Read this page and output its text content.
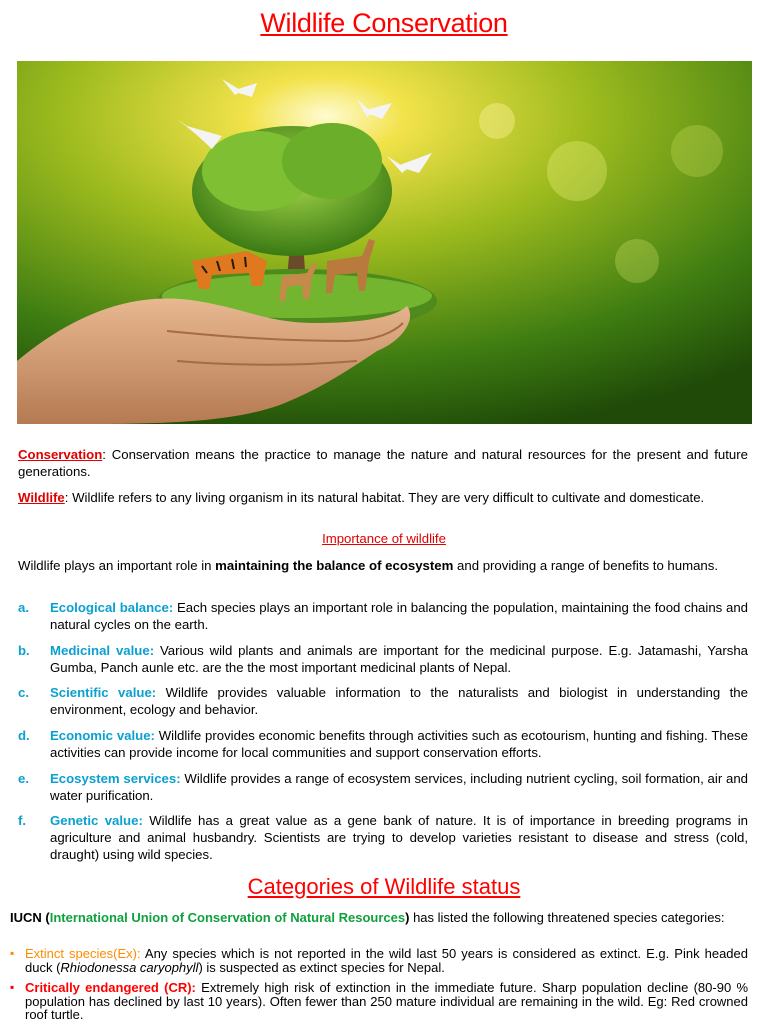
Wildlife Conservation
Conservation: Conservation means the practice to manage the nature and natural resources for the present and future generations.
Wildlife: Wildlife refers to any living organism in its natural habitat. They are very difficult to cultivate and domesticate.
Importance of wildlife
Wildlife plays an important role in maintaining the balance of ecosystem and providing a range of benefits to humans.
a. Ecological balance: Each species plays an important role in balancing the population, maintaining the food chains and natural cycles on the earth.
b. Medicinal value: Various wild plants and animals are important for the medicinal purpose. E.g. Jatamashi, Yarsha Gumba, Panch aunle etc. are the the most important medicinal plants of Nepal.
c. Scientific value: Wildlife provides valuable information to the naturalists and biologist in understanding the environment, ecology and behavior.
d. Economic value: Wildlife provides economic benefits through activities such as ecotourism, hunting and fishing. These activities can provide income for local communities and support conservation efforts.
e. Ecosystem services: Wildlife provides a range of ecosystem services, including nutrient cycling, soil formation, air and water purification.
f. Genetic value: Wildlife has a great value as a gene bank of nature. It is of importance in breeding programs in agriculture and animal husbandry. Scientists are trying to develop varieties resistant to disease and stress (cold, draught) using wild species.
Categories of Wildlife status
IUCN (International Union of Conservation of Natural Resources) has listed the following threatened species categories:
▪ Extinct species(Ex): Any species which is not reported in the wild last 50 years is considered as extinct. E.g. Pink headed duck (Rhiodonessa caryophyll) is suspected as extinct species for Nepal.
▪ Critically endangered (CR): Extremely high risk of extinction in the immediate future. Sharp population decline (80-90 % population has declined by last 10 years). Often fewer than 250 mature individual are remaining in the wild. Eg: Red crowned roof turtle.
